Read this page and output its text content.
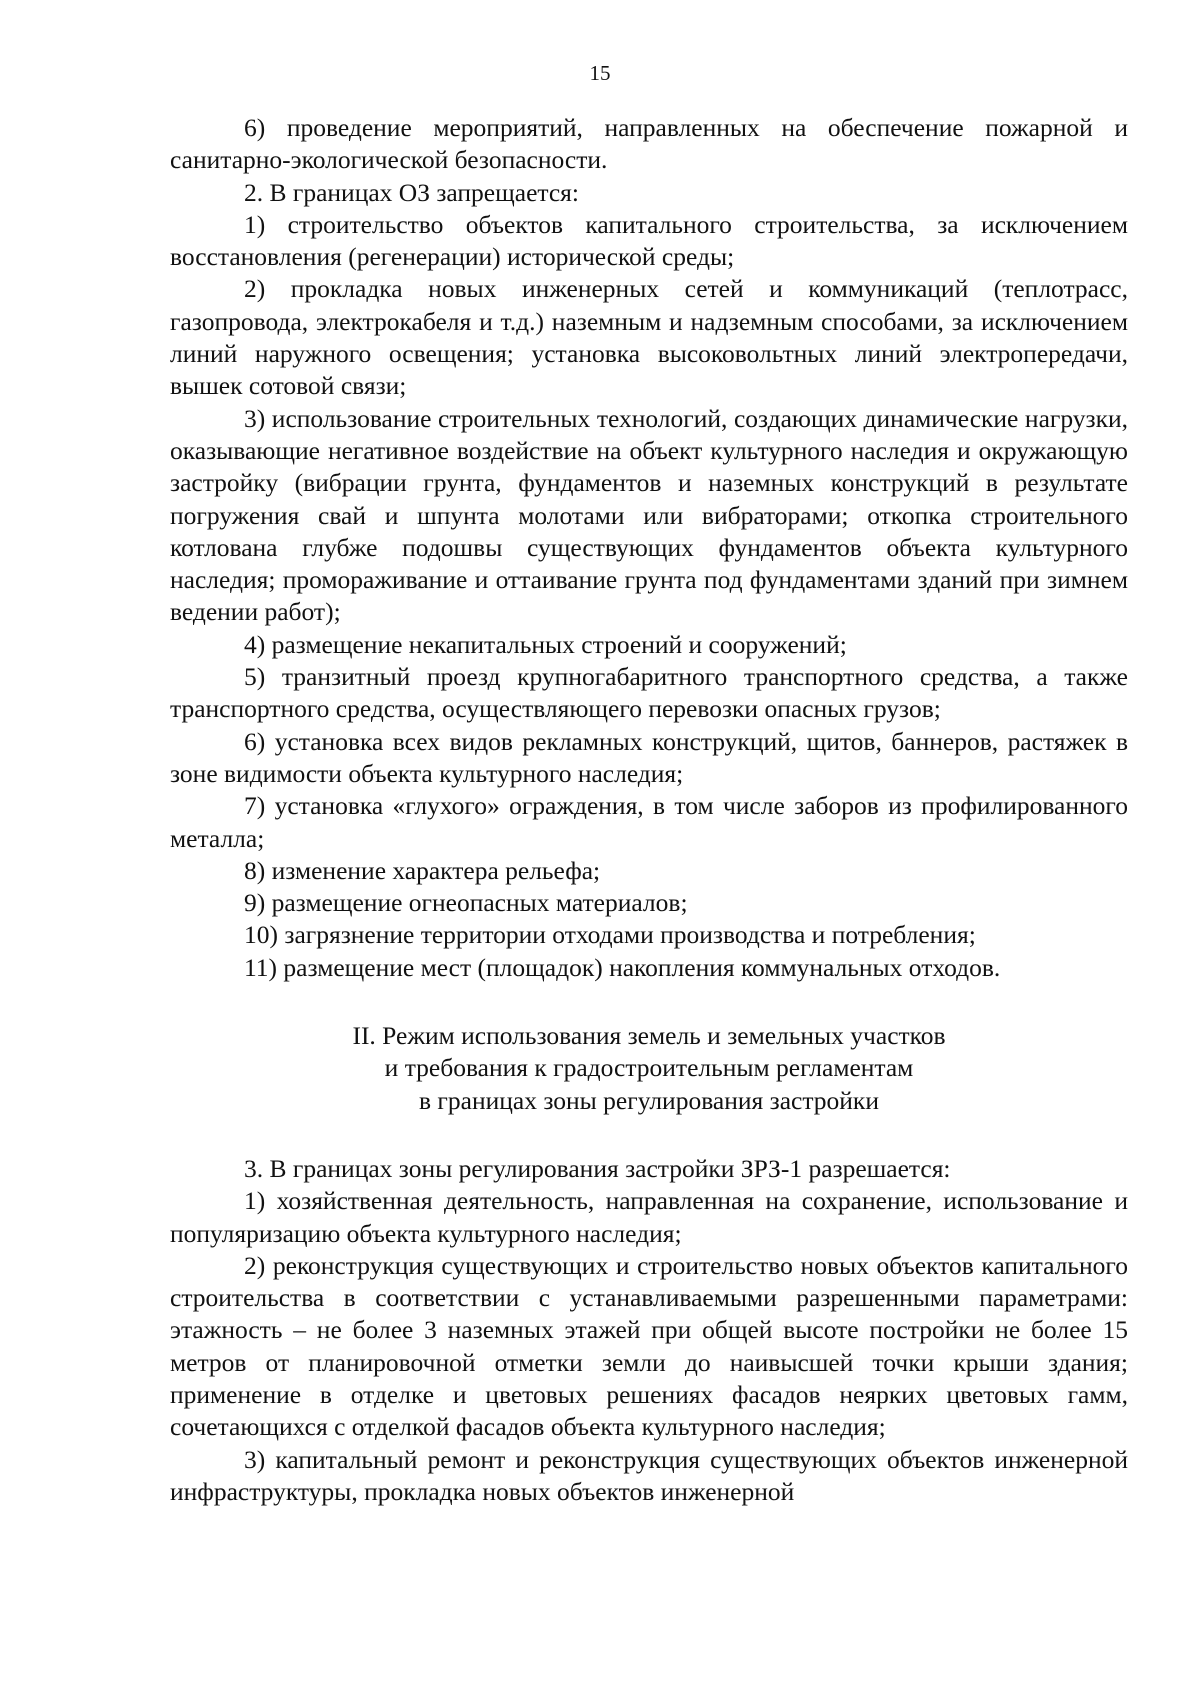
15

6) проведение мероприятий, направленных на обеспечение пожарной и санитарно-экологической безопасности.

2. В границах ОЗ запрещается:

1) строительство объектов капитального строительства, за исключением восстановления (регенерации) исторической среды;

2) прокладка новых инженерных сетей и коммуникаций (теплотрасс, газопровода, электрокабеля и т.д.) наземным и надземным способами, за исключением линий наружного освещения; установка высоковольтных линий электропередачи, вышек сотовой связи;

3) использование строительных технологий, создающих динамические нагрузки, оказывающие негативное воздействие на объект культурного наследия и окружающую застройку (вибрации грунта, фундаментов и наземных конструкций в результате погружения свай и шпунта молотами или вибраторами; откопка строительного котлована глубже подошвы существующих фундаментов объекта культурного наследия; промораживание и оттаивание грунта под фундаментами зданий при зимнем ведении работ);

4) размещение некапитальных строений и сооружений;

5) транзитный проезд крупногабаритного транспортного средства, а также транспортного средства, осуществляющего перевозки опасных грузов;

6) установка всех видов рекламных конструкций, щитов, баннеров, растяжек в зоне видимости объекта культурного наследия;

7) установка «глухого» ограждения, в том числе заборов из профилированного металла;

8) изменение характера рельефа;

9) размещение огнеопасных материалов;

10) загрязнение территории отходами производства и потребления;

11) размещение мест (площадок) накопления коммунальных отходов.

II. Режим использования земель и земельных участков
и требования к градостроительным регламентам
в границах зоны регулирования застройки

3. В границах зоны регулирования застройки ЗРЗ-1 разрешается:

1) хозяйственная деятельность, направленная на сохранение, использование и популяризацию объекта культурного наследия;

2) реконструкция существующих и строительство новых объектов капитального строительства в соответствии с устанавливаемыми разрешенными параметрами: этажность – не более 3 наземных этажей при общей высоте постройки не более 15 метров от планировочной отметки земли до наивысшей точки крыши здания; применение в отделке и цветовых решениях фасадов неярких цветовых гамм, сочетающихся с отделкой фасадов объекта культурного наследия;

3) капитальный ремонт и реконструкция существующих объектов инженерной инфраструктуры, прокладка новых объектов инженерной
